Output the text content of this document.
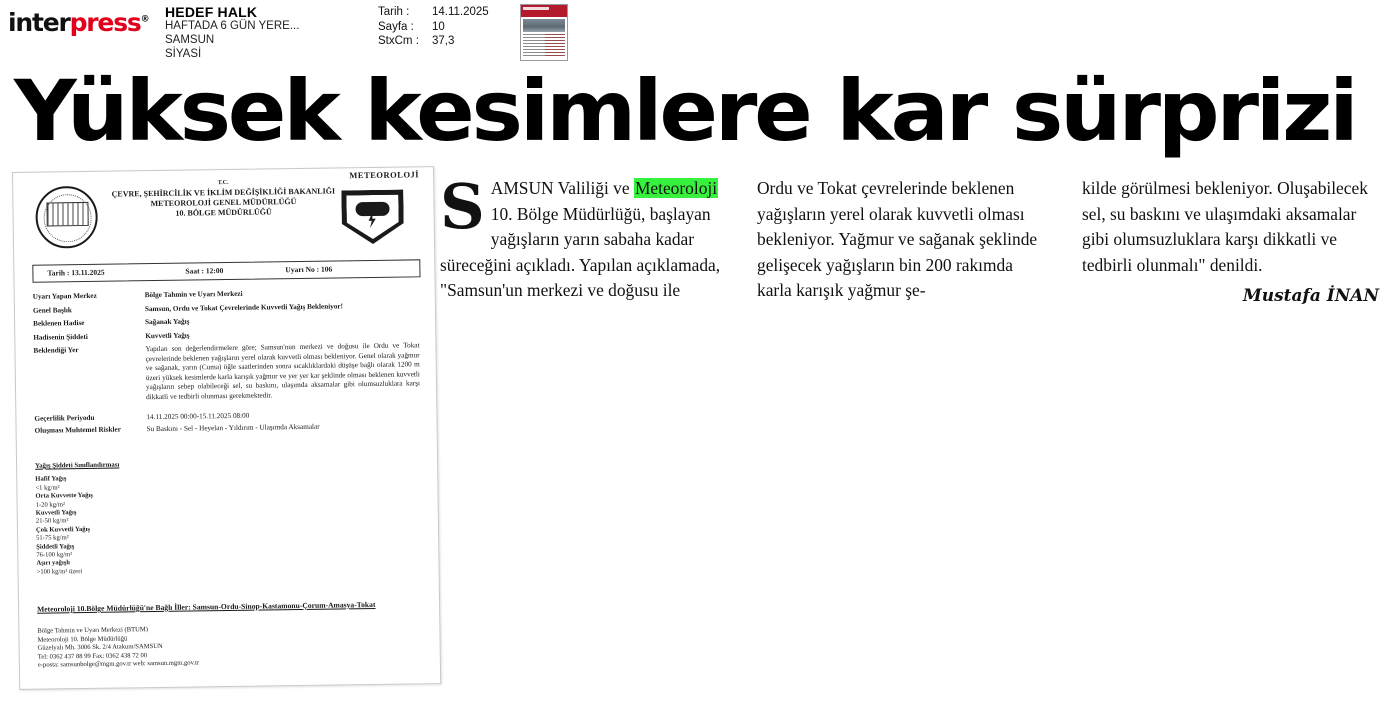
interpress® HEDEF HALK
HAFTADA 6 GÜN YERE...
SAMSUN
SİYASİ
Tarih : 14.11.2025
Sayfa : 10
StxCm : 37,3
Yüksek kesimlere kar sürprizi
METEOROLOJİ
T.C.
ÇEVRE, ŞEHİRCİLİK VE İKLİM DEĞİŞİKLİĞİ BAKANLIĞI
METEOROLOJİ GENEL MÜDÜRLÜĞÜ
10. BÖLGE MÜDÜRLÜĞÜ
Tarih : 13.11.2025	Saat : 12:00	Uyarı No : 106
Uyarı Yapan Merkez	Bölge Tahmin ve Uyarı Merkezi
Genel Başlık	Samsun, Ordu ve Tokat Çevrelerinde Kuvvetli Yağış Bekleniyor!
Beklenen Hadise	Sağanak Yağış
Hadisenin Şiddeti	Kuvvetli Yağış
Beklendiği Yer	Yapılan son değerlendirmelere göre; Samsun'nun merkezi ve doğusu ile Ordu ve Tokat çevrelerinde beklenen yağışların yerel olarak kuvvetli olması bekleniyor. Genel olarak yağmur ve sağanak, yarın (Cuma) öğle saatlerinden sonra sıcaklıklardaki düşüşe bağlı olarak 1200 m üzeri yüksek kesimlerde karla karışık yağmur ve yer yer kar şeklinde olması beklenen kuvvetli yağışların sebep olabileceği sel, su baskını, ulaşımda aksamalar gibi olumsuzluklara karşı dikkatli ve tedbirli olunması gerekmektedir.
Geçerlilik Periyodu	14.11.2025 00:00-15.11.2025 08:00
Oluşması Muhtemel Riskler	Su Baskını - Sel - Heyelan - Yıldırım - Ulaşımda Aksamalar
Yağış Şiddeti Sınıflandırması
Hafif Yağış
<1 kg/m²
Orta Kuvvette Yağış
1-20 kg/m²
Kuvvetli Yağış
21-50 kg/m²
Çok Kuvvetli Yağış
51-75 kg/m²
Şiddetli Yağış
76-100 kg/m²
Aşırı yağışlı
>100 kg/m² üzeri
Meteoroloji 10.Bölge Müdürlüğü'ne Bağlı İller: Samsun-Ordu-Sinop-Kastamonu-Çorum-Amasya-Tokat
Bölge Tahmin ve Uyarı Merkezi (BTUM)
Meteoroloji 10. Bölge Müdürlüğü
Güzelyalı Mh. 3006 Sk. 2/4 Atakum/SAMSUN
Tel: 0362 437 88 99 Fax: 0362 438 72 00
e-posta: samsunbolge@mgm.gov.tr web: samsun.mgm.gov.tr
SAMSUN Valiliği ve Meteoroloji 10. Bölge Müdürlüğü, başlayan yağışların yarın sabaha kadar süreceğini açıkladı. Yapılan açıklamada, "Samsun'un merkezi ve doğusu ile
Ordu ve Tokat çevrelerinde beklenen yağışların yerel olarak kuvvetli olması bekleniyor. Yağmur ve sağanak şeklinde gelişecek yağışların bin 200 rakımda karla karışık yağmur şe-
kilde görülmesi bekleniyor. Oluşabilecek sel, su baskını ve ulaşımdaki aksamalar gibi olumsuzluklara karşı dikkatli ve tedbirli olunmalı" denildi.
Mustafa İNAN
